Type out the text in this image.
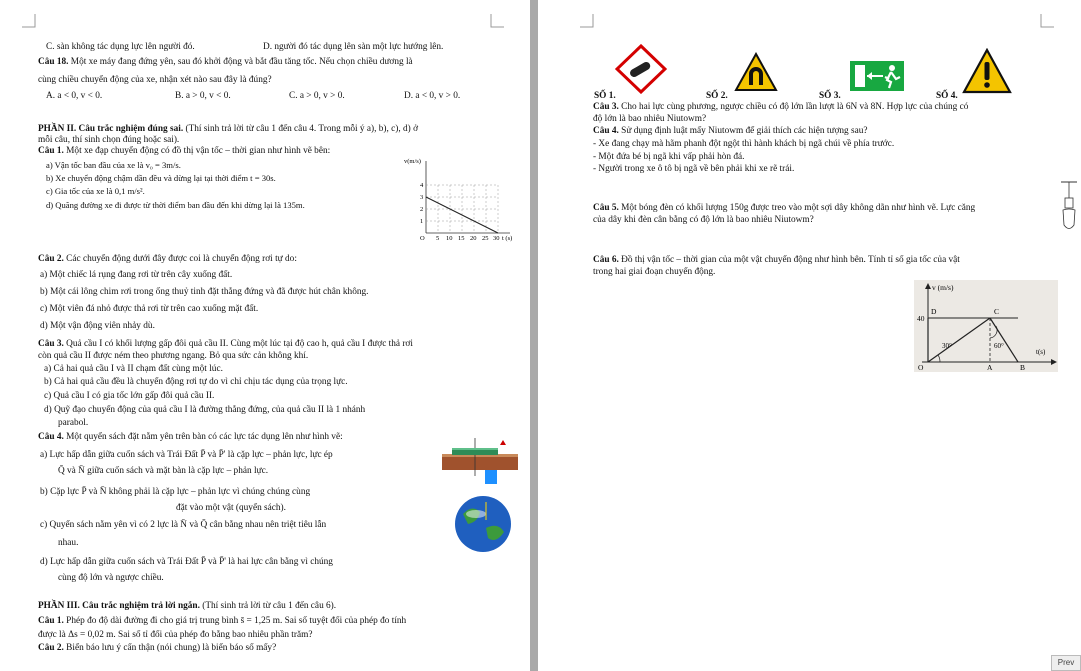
C. sàn không tác dụng lực lên người đó.	D. người đó tác dụng lên sàn một lực hướng lên.
Câu 18. Một xe máy đang đứng yên, sau đó khởi động và bắt đầu tăng tốc. Nếu chọn chiều dương là
cùng chiều chuyển động của xe, nhận xét nào sau đây là đúng?
A. a < 0, v < 0.	B. a > 0, v < 0.	C. a > 0, v > 0.	D. a < 0, v > 0.
PHẦN II. Câu trắc nghiệm đúng sai. (Thí sinh trả lời từ câu 1 đến câu 4. Trong mỗi ý a), b), c), d) ở
mỗi câu, thí sinh chọn đúng hoặc sai).
Câu 1. Một xe đạp chuyển động có đồ thị vận tốc – thời gian như hình vẽ bên:
a) Vận tốc ban đầu của xe là v₀ = 3m/s.
b) Xe chuyển động chậm dần đều và dừng lại tại thời điểm t = 30s.
c) Gia tốc của xe là 0,1 m/s².
d) Quãng đường xe đi được từ thời điểm ban đầu đến khi dừng lại là 135m.
v(m/s)
4
3
2
1
O 5 10 15 20 25 30 t (s)
Câu 2. Các chuyển động dưới đây được coi là chuyển động rơi tự do:
a) Một chiếc lá rụng đang rơi từ trên cây xuống đất.
b) Một cái lông chim rơi trong ống thuỷ tinh đặt thẳng đứng và đã được hút chân không.
c) Một viên đá nhỏ được thả rơi từ trên cao xuống mặt đất.
d) Một vận động viên nhảy dù.
Câu 3. Quả cầu I có khối lượng gấp đôi quả cầu II. Cùng một lúc tại độ cao h, quả cầu I được thả rơi
còn quả cầu II được ném theo phương ngang. Bỏ qua sức cản không khí.
a) Cả hai quả cầu I và II chạm đất cùng một lúc.
b) Cả hai quả cầu đều là chuyển động rơi tự do vì chỉ chịu tác dụng của trọng lực.
c) Quả cầu I có gia tốc lớn gấp đôi quả cầu II.
d) Quỹ đạo chuyển động của quả cầu I là đường thẳng đứng, của quả cầu II là 1 nhánh
parabol.
Câu 4. Một quyển sách đặt nằm yên trên bàn có các lực tác dụng lên như hình vẽ:
a) Lực hấp dẫn giữa cuốn sách và Trái Đất P̄ và P̄' là cặp lực – phản lực, lực ép
Q̄ và N̄ giữa cuốn sách và mặt bàn là cặp lực – phản lực.
b) Cặp lực P̄ và N̄ không phải là cặp lực – phản lực vì chúng chúng cùng
đặt vào một vật (quyển sách).
c) Quyển sách nằm yên vì có 2 lực là N̄ và Q̄ cân bằng nhau nên triệt tiêu lẫn
nhau.
d) Lực hấp dẫn giữa cuốn sách và Trái Đất P̄ và P̄' là hai lực cân bằng vì chúng
cùng độ lớn và ngược chiều.
PHẦN III. Câu trắc nghiệm trả lời ngắn. (Thí sinh trả lời từ câu 1 đến câu 6).
Câu 1. Phép đo độ dài đường đi cho giá trị trung bình s̄ = 1,25 m. Sai số tuyệt đối của phép đo tính
được là Δs = 0,02 m. Sai số tỉ đối của phép đo bằng bao nhiêu phần trăm?
Câu 2. Biển báo lưu ý cẩn thận (nói chung) là biển báo số mấy?
SỐ 1.	SỐ 2.	SỐ 3.	SỐ 4.
Câu 3. Cho hai lực cùng phương, ngược chiều có độ lớn lần lượt là 6N và 8N. Hợp lực của chúng có
độ lớn là bao nhiêu Niutowm?
Câu 4. Sử dụng định luật mấy Niutowm để giải thích các hiện tượng sau?
- Xe đang chạy mà hãm phanh đột ngột thì hành khách bị ngã chúi về phía trước.
- Một đứa bé bị ngã khi vấp phải hòn đá.
- Người trong xe ô tô bị ngã về bên phải khi xe rẽ trái.
Câu 5. Một bóng đèn có khối lượng 150g được treo vào một sợi dây không dãn như hình vẽ. Lực căng
của dây khi đèn cân bằng có độ lớn là bao nhiêu Niutowm?
Câu 6. Đồ thị vận tốc – thời gian của một vật chuyển động như hình bên. Tính tỉ số gia tốc của vật
trong hai giai đoạn chuyển động.
v (m/s)
40
D	C
A	B
O
30°	60°
t(s)
Prev
